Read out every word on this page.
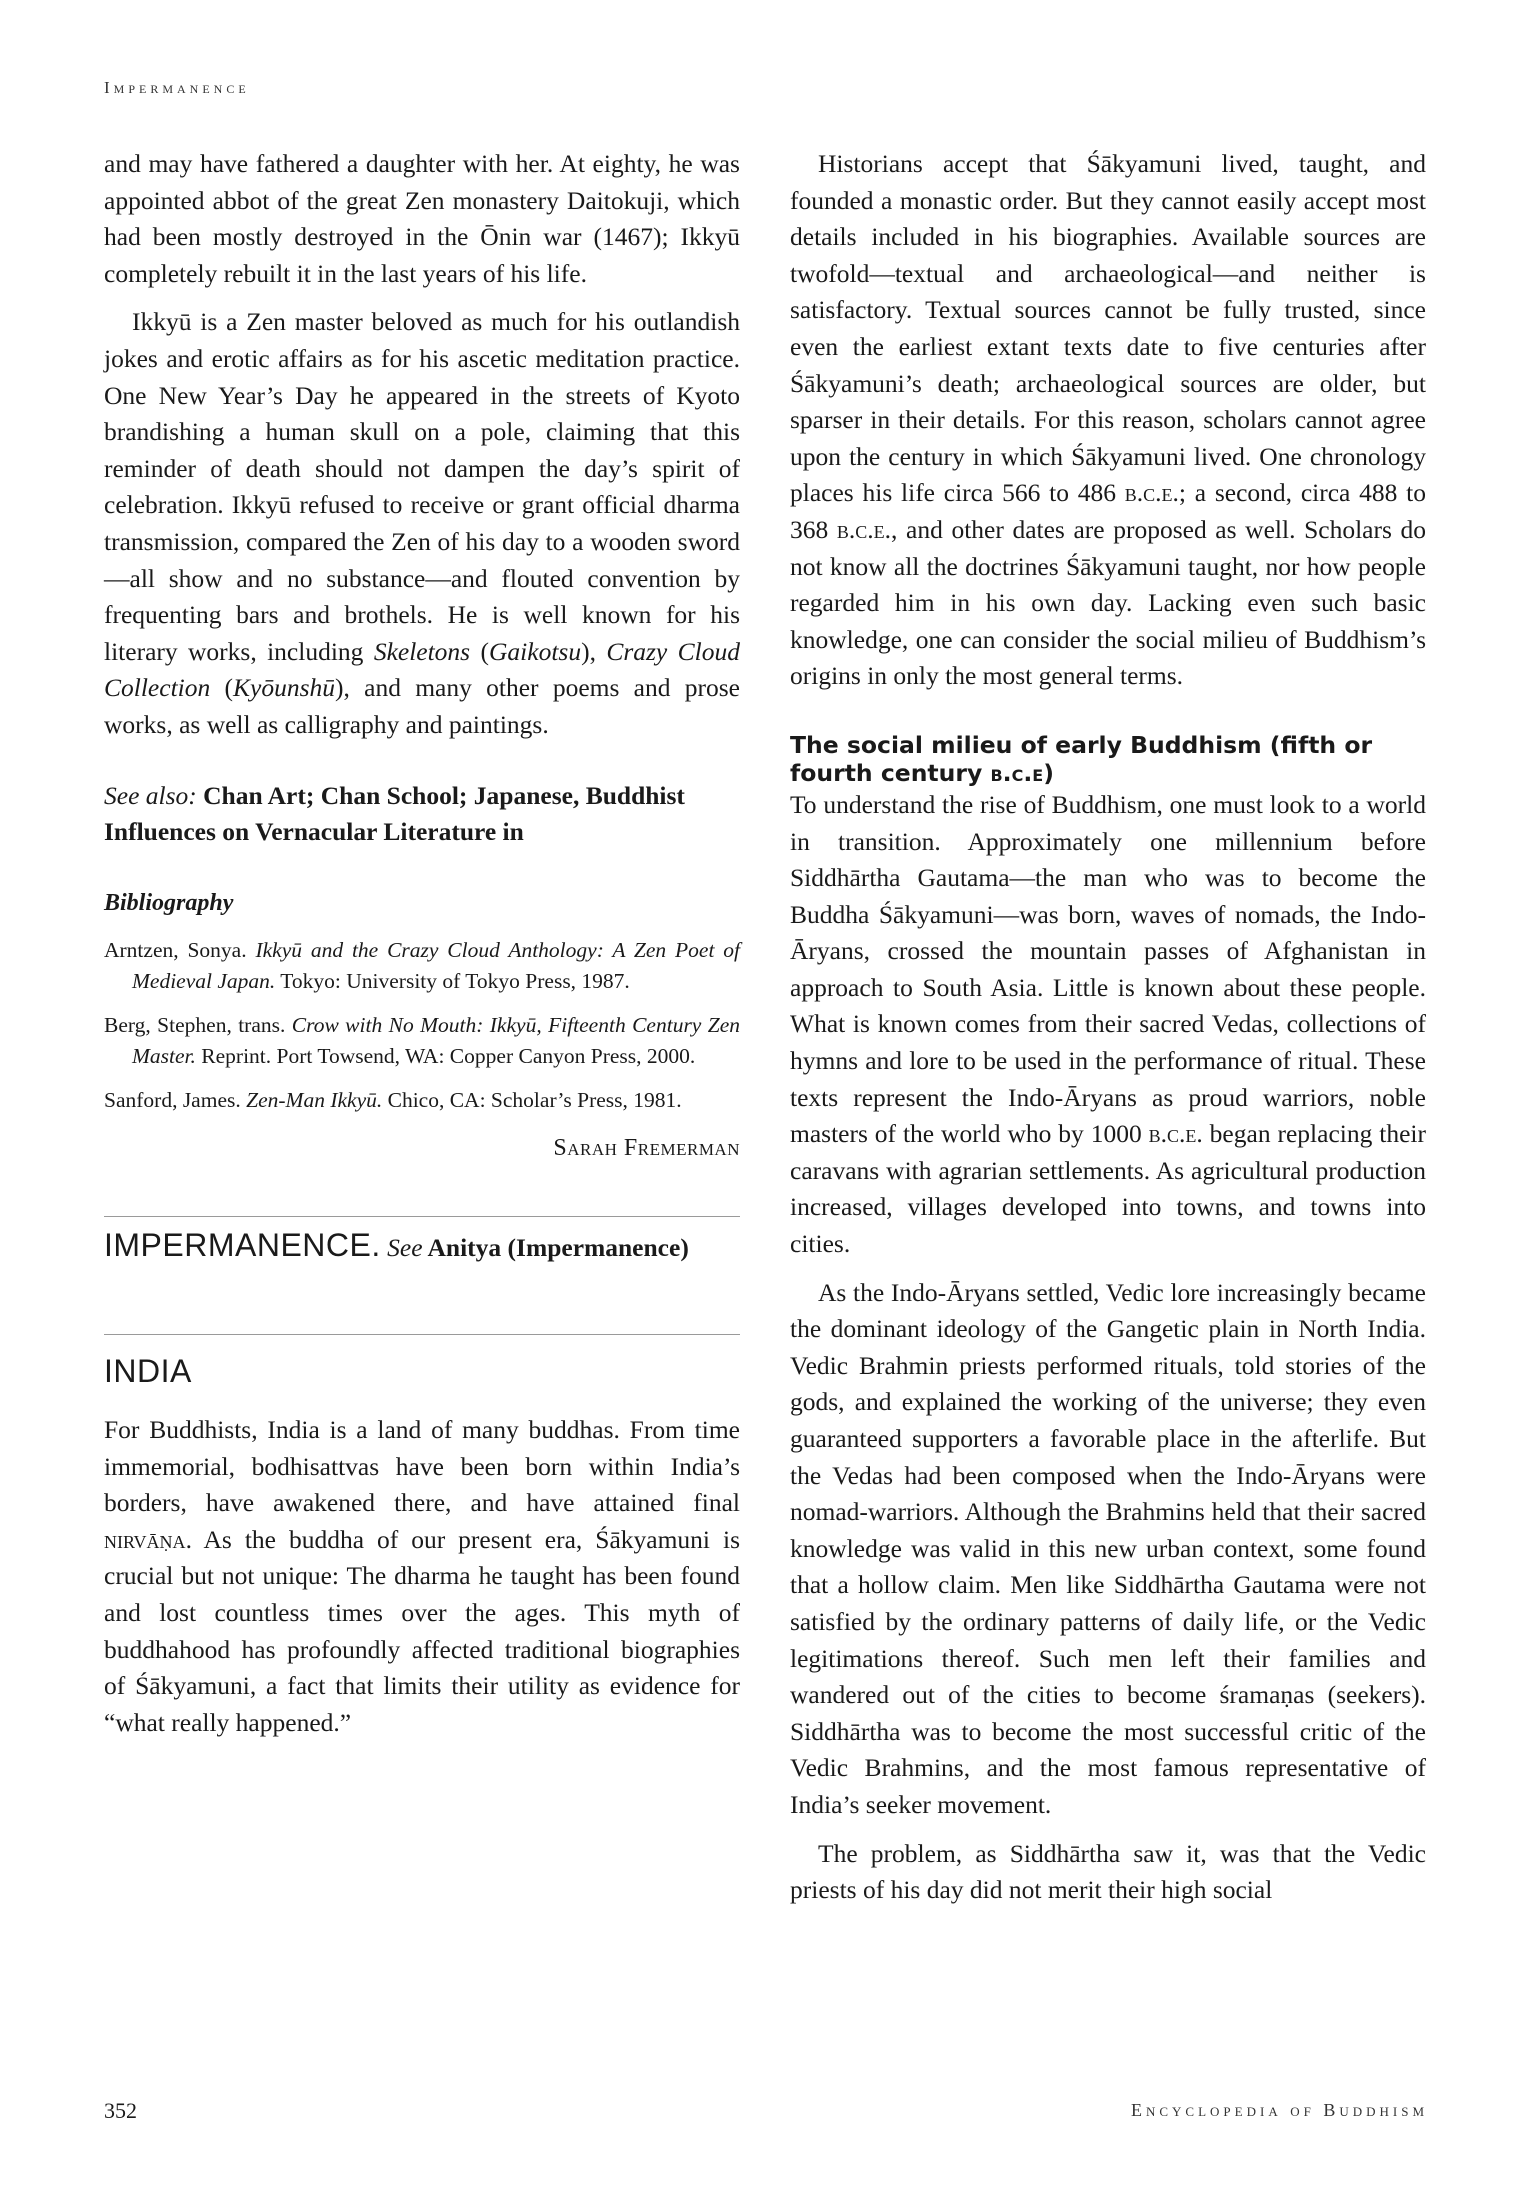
Impermanence

and may have fathered a daughter with her. At eighty, he was appointed abbot of the great Zen monastery Daitokuji, which had been mostly destroyed in the Ōnin war (1467); Ikkyū completely rebuilt it in the last years of his life.

Ikkyū is a Zen master beloved as much for his outlandish jokes and erotic affairs as for his ascetic meditation practice. One New Year’s Day he appeared in the streets of Kyoto brandishing a human skull on a pole, claiming that this reminder of death should not dampen the day’s spirit of celebration. Ikkyū refused to receive or grant official dharma transmission, compared the Zen of his day to a wooden sword—all show and no substance—and flouted convention by frequenting bars and brothels. He is well known for his literary works, including Skeletons (Gaikotsu), Crazy Cloud Collection (Kyōunshū), and many other poems and prose works, as well as calligraphy and paintings.

See also: Chan Art; Chan School; Japanese, Buddhist Influences on Vernacular Literature in
Bibliography
Arntzen, Sonya. Ikkyū and the Crazy Cloud Anthology: A Zen Poet of Medieval Japan. Tokyo: University of Tokyo Press, 1987.
Berg, Stephen, trans. Crow with No Mouth: Ikkyū, Fifteenth Century Zen Master. Reprint. Port Towsend, WA: Copper Canyon Press, 2000.
Sanford, James. Zen-Man Ikkyū. Chico, CA: Scholar’s Press, 1981.
Sarah Fremerman
IMPERMANENCE. See Anitya (Impermanence)
INDIA

For Buddhists, India is a land of many buddhas. From time immemorial, bodhisattvas have been born within India’s borders, have awakened there, and have attained final nirvāṇa. As the buddha of our present era, Śākyamuni is crucial but not unique: The dharma he taught has been found and lost countless times over the ages. This myth of buddhahood has profoundly affected traditional biographies of Śākyamuni, a fact that limits their utility as evidence for “what really happened.”

Historians accept that Śākyamuni lived, taught, and founded a monastic order. But they cannot easily accept most details included in his biographies. Available sources are twofold—textual and archaeological—and neither is satisfactory. Textual sources cannot be fully trusted, since even the earliest extant texts date to five centuries after Śākyamuni’s death; archaeological sources are older, but sparser in their details. For this reason, scholars cannot agree upon the century in which Śākyamuni lived. One chronology places his life circa 566 to 486 b.c.e.; a second, circa 488 to 368 b.c.e., and other dates are proposed as well. Scholars do not know all the doctrines Śākyamuni taught, nor how people regarded him in his own day. Lacking even such basic knowledge, one can consider the social milieu of Buddhism’s origins in only the most general terms.

The social milieu of early Buddhism (fifth or fourth century b.c.e)

To understand the rise of Buddhism, one must look to a world in transition. Approximately one millennium before Siddhārtha Gautama—the man who was to become the Buddha Śākyamuni—was born, waves of nomads, the Indo-Āryans, crossed the mountain passes of Afghanistan in approach to South Asia. Little is known about these people. What is known comes from their sacred Vedas, collections of hymns and lore to be used in the performance of ritual. These texts represent the Indo-Āryans as proud warriors, noble masters of the world who by 1000 b.c.e. began replacing their caravans with agrarian settlements. As agricultural production increased, villages developed into towns, and towns into cities.

As the Indo-Āryans settled, Vedic lore increasingly became the dominant ideology of the Gangetic plain in North India. Vedic Brahmin priests performed rituals, told stories of the gods, and explained the working of the universe; they even guaranteed supporters a favorable place in the afterlife. But the Vedas had been composed when the Indo-Āryans were nomad-warriors. Although the Brahmins held that their sacred knowledge was valid in this new urban context, some found that a hollow claim. Men like Siddhārtha Gautama were not satisfied by the ordinary patterns of daily life, or the Vedic legitimations thereof. Such men left their families and wandered out of the cities to become śramaṇas (seekers). Siddhārtha was to become the most successful critic of the Vedic Brahmins, and the most famous representative of India’s seeker movement.

The problem, as Siddhārtha saw it, was that the Vedic priests of his day did not merit their high social

352	Encyclopedia of Buddhism
